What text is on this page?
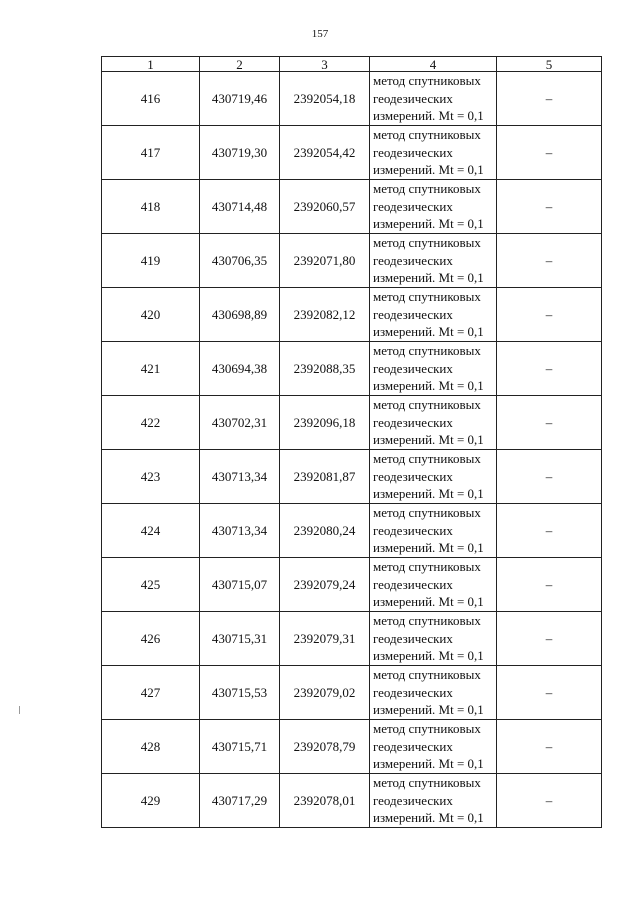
157
1	2	3	4	5
416	430719,46	2392054,18	метод спутниковых
геодезических
измерений. Mt = 0,1	–
417	430719,30	2392054,42	метод спутниковых
геодезических
измерений. Mt = 0,1	–
418	430714,48	2392060,57	метод спутниковых
геодезических
измерений. Mt = 0,1	–
419	430706,35	2392071,80	метод спутниковых
геодезических
измерений. Mt = 0,1	–
420	430698,89	2392082,12	метод спутниковых
геодезических
измерений. Mt = 0,1	–
421	430694,38	2392088,35	метод спутниковых
геодезических
измерений. Mt = 0,1	–
422	430702,31	2392096,18	метод спутниковых
геодезических
измерений. Mt = 0,1	–
423	430713,34	2392081,87	метод спутниковых
геодезических
измерений. Mt = 0,1	–
424	430713,34	2392080,24	метод спутниковых
геодезических
измерений. Mt = 0,1	–
425	430715,07	2392079,24	метод спутниковых
геодезических
измерений. Mt = 0,1	–
426	430715,31	2392079,31	метод спутниковых
геодезических
измерений. Mt = 0,1	–
427	430715,53	2392079,02	метод спутниковых
геодезических
измерений. Mt = 0,1	–
428	430715,71	2392078,79	метод спутниковых
геодезических
измерений. Mt = 0,1	–
429	430717,29	2392078,01	метод спутниковых
геодезических
измерений. Mt = 0,1	–
